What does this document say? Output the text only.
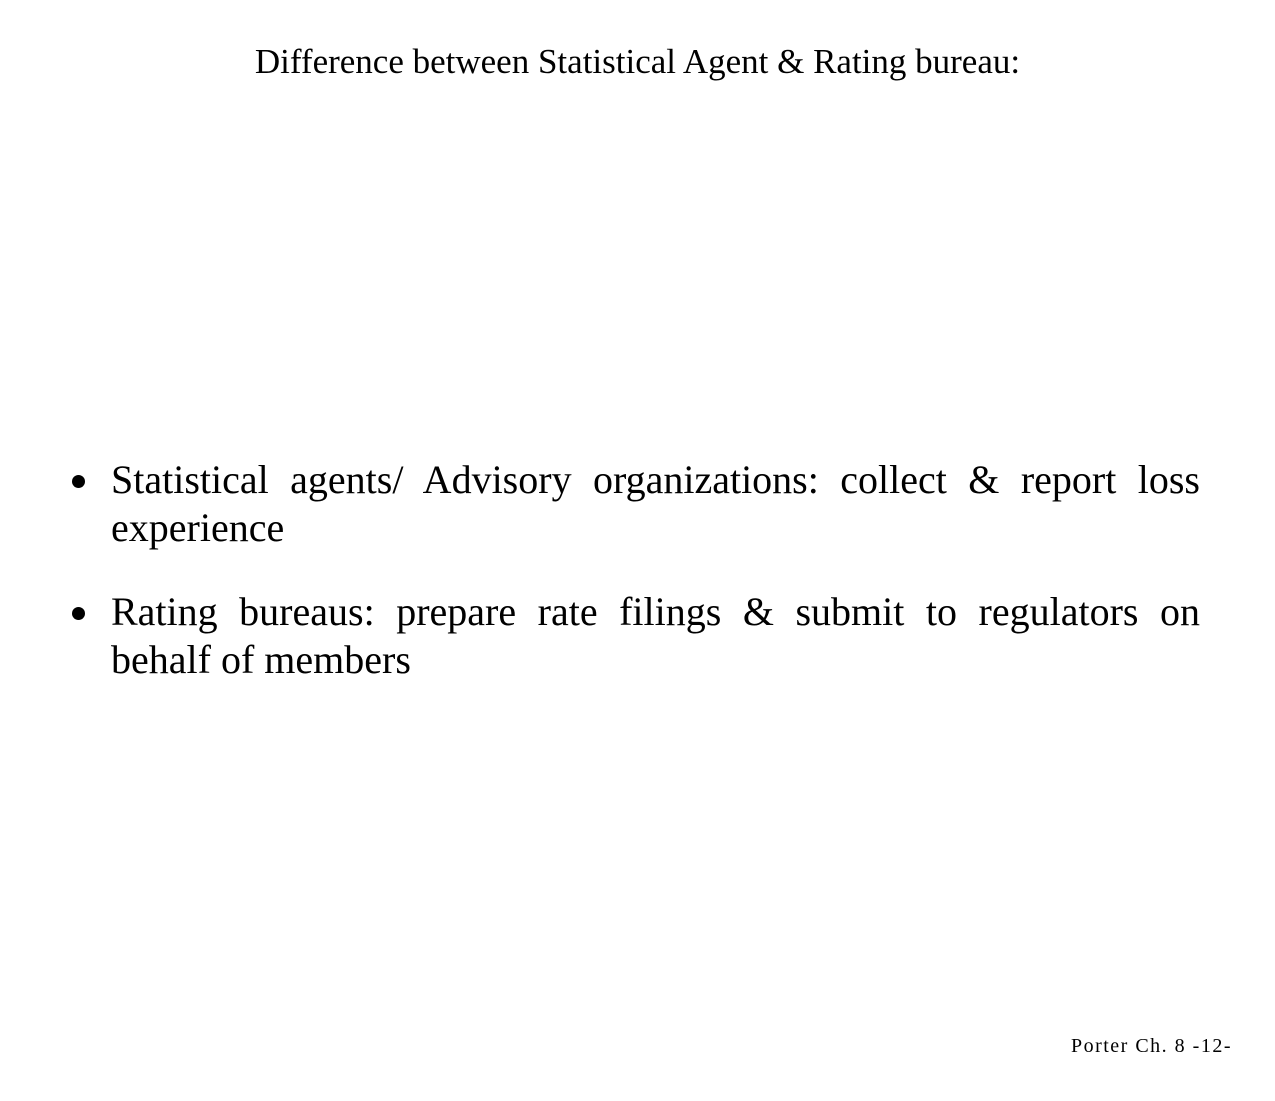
Difference between Statistical Agent & Rating bureau:
Statistical agents/ Advisory organizations: collect & report loss experience
Rating bureaus: prepare rate filings & submit to regulators on behalf of members
Porter Ch. 8 -12-
